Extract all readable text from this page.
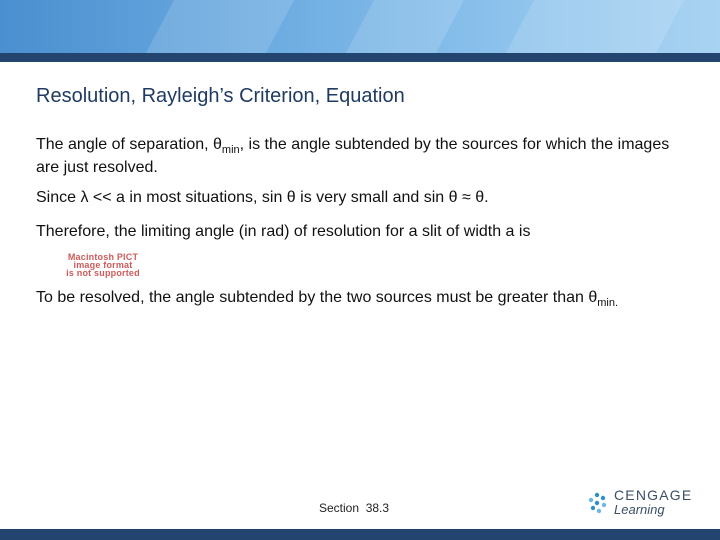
Resolution, Rayleigh’s Criterion, Equation
The angle of separation, $\theta_{min}$, is the angle subtended by the sources for which the images are just resolved.
Since λ << a in most situations, sin θ is very small and sin θ ≈ θ.
Therefore, the limiting angle (in rad) of resolution for a slit of width a is
Macintosh PICT
image format
is not supported
To be resolved, the angle subtended by the two sources must be greater than $\theta_{min.}$
Section  38.3
CENGAGE
Learning
